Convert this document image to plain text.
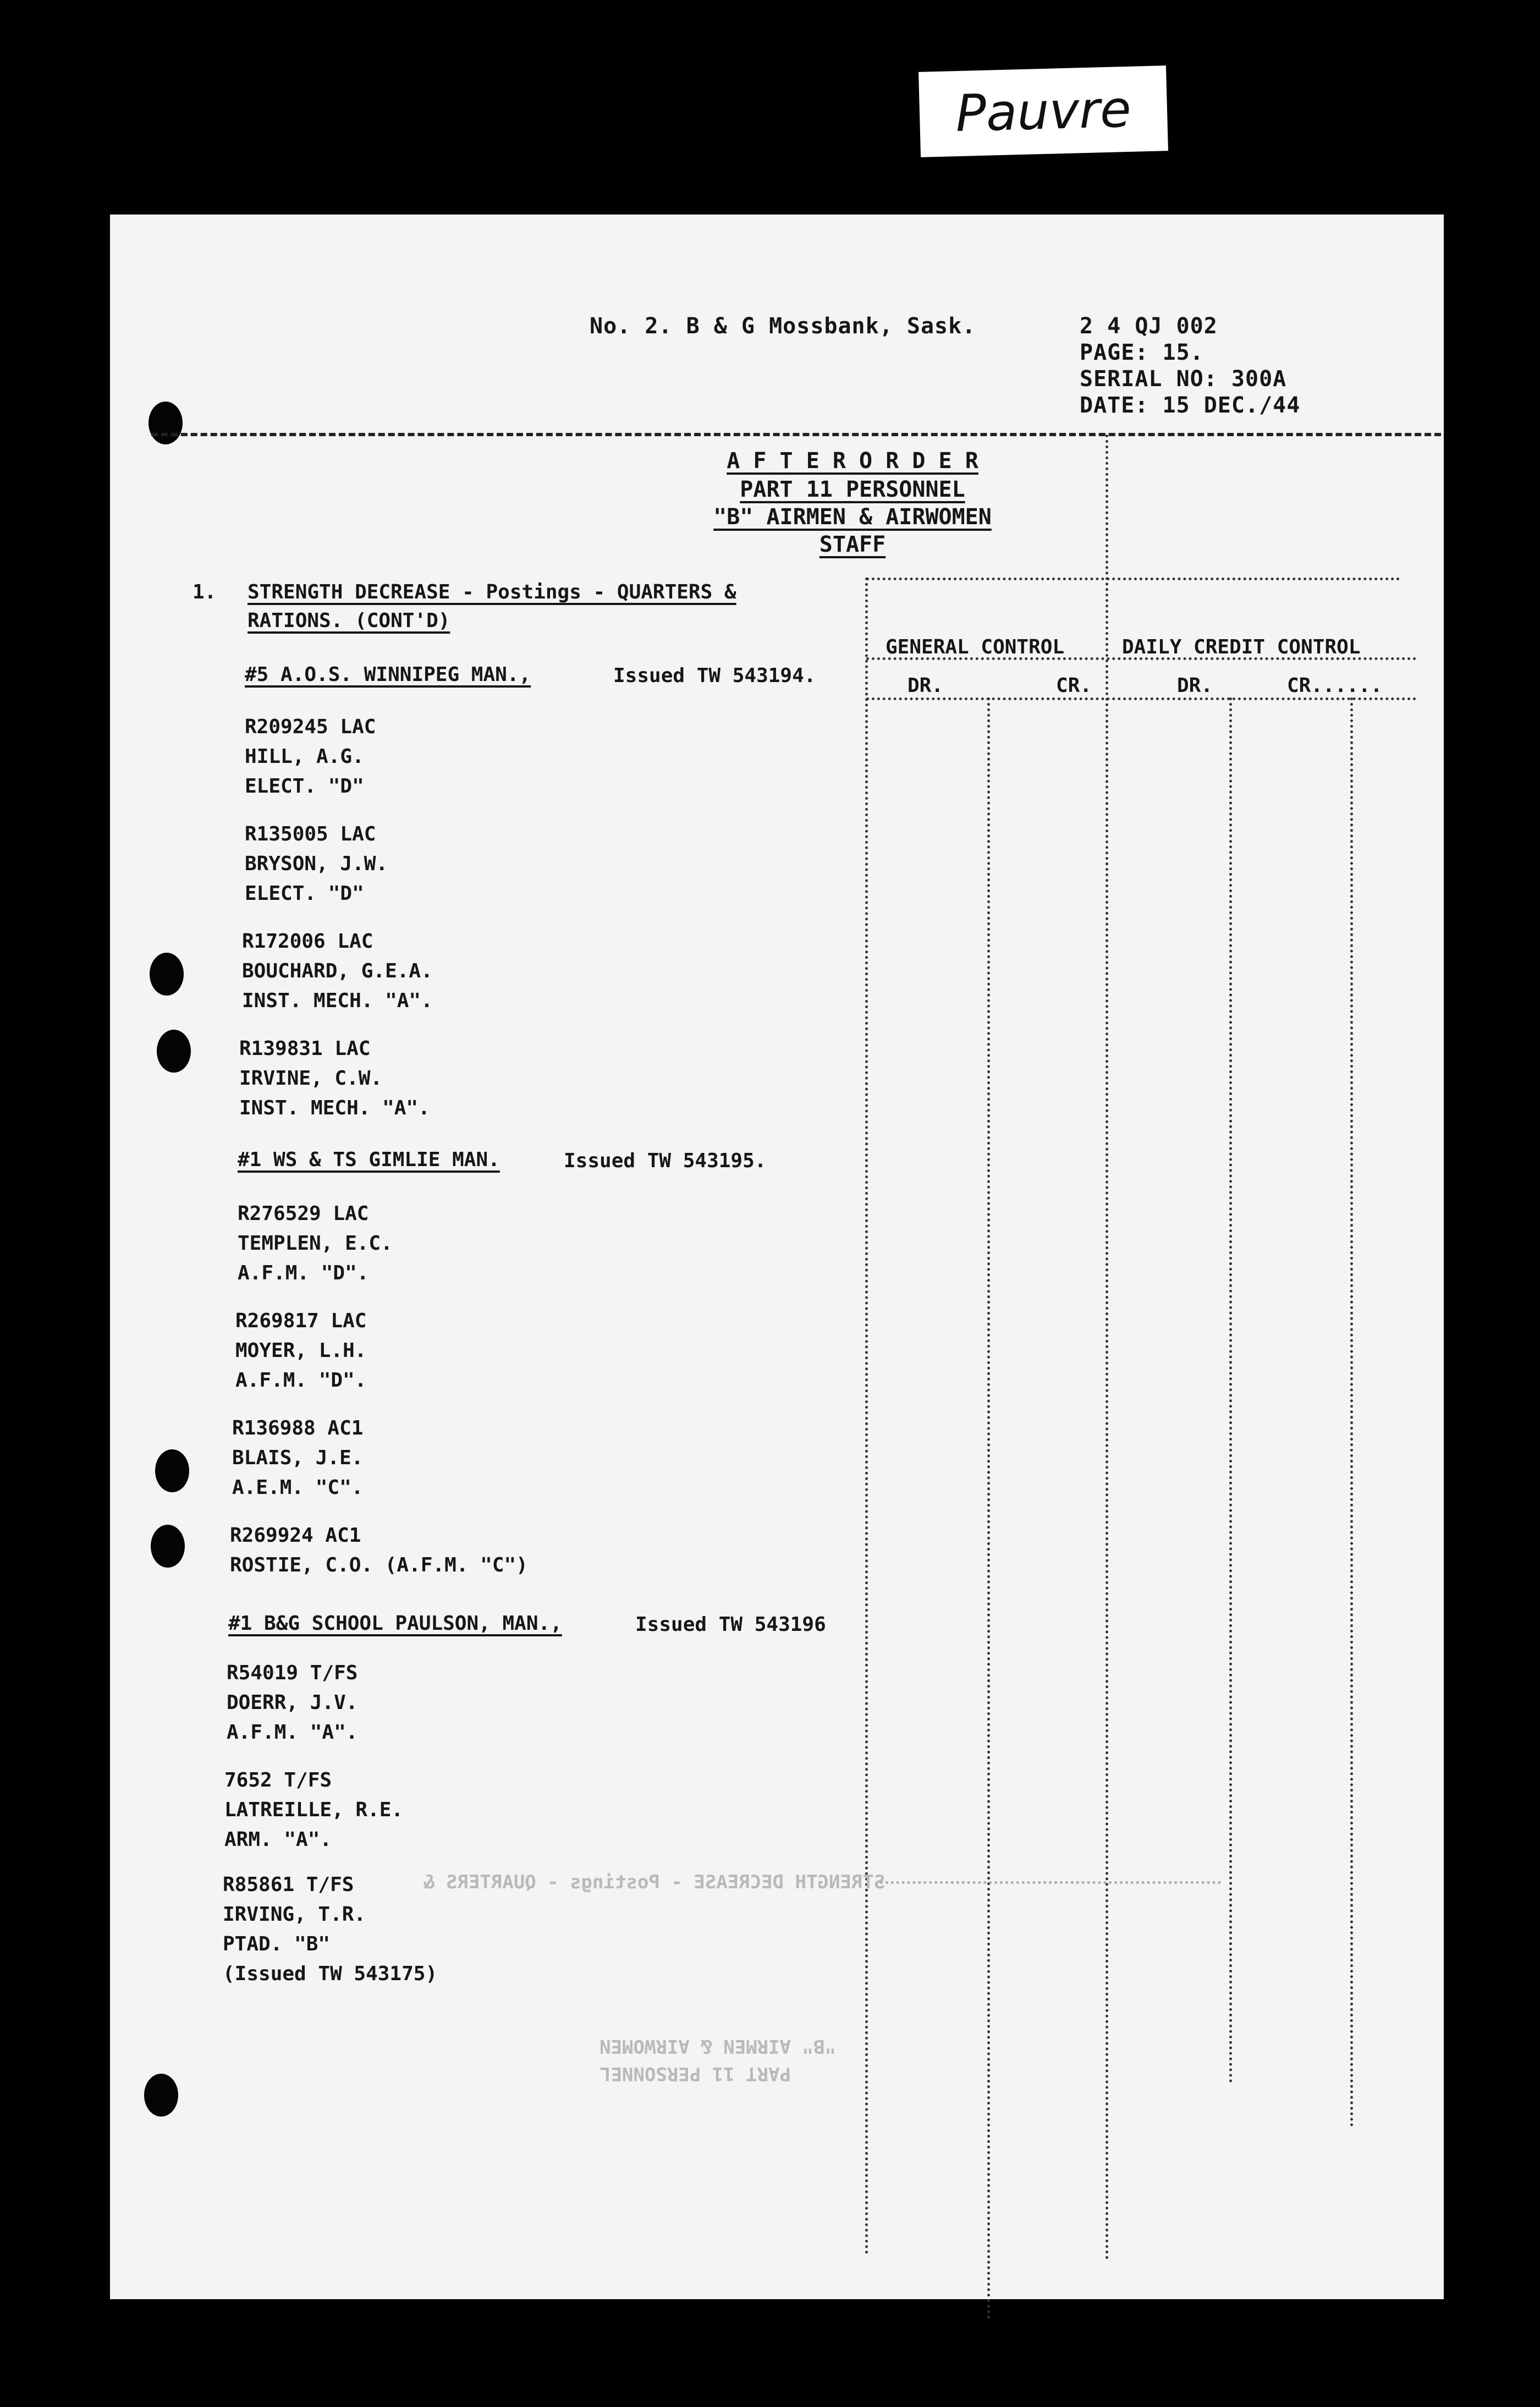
Pauvre
No. 2. B & G Mossbank, Sask.	2 4 QJ 002
PAGE: 15.
SERIAL NO: 300A
DATE: 15 DEC./44
A F T E R O R D E R
PART 11 PERSONNEL
"B" AIRMEN & AIRWOMEN
STAFF
1. STRENGTH DECREASE - Postings - QUARTERS &
RATIONS. (CONT'D)
GENERAL CONTROL	DAILY CREDIT CONTROL
DR.	CR.	DR.	CR......
#5 A.O.S. WINNIPEG MAN.,	Issued TW 543194.
R209245 LAC
HILL, A.G.
ELECT. "D"
R135005 LAC
BRYSON, J.W.
ELECT. "D"
R172006 LAC
BOUCHARD, G.E.A.
INST. MECH. "A".
R139831 LAC
IRVINE, C.W.
INST. MECH. "A".
#1 WS & TS GIMLIE MAN.	Issued TW 543195.
R276529 LAC
TEMPLEN, E.C.
A.F.M. "D".
R269817 LAC
MOYER, L.H.
A.F.M. "D".
R136988 AC1
BLAIS, J.E.
A.E.M. "C".
R269924 AC1
ROSTIE, C.O. (A.F.M. "C")
#1 B&G SCHOOL PAULSON, MAN.,	Issued TW 543196
R54019 T/FS
DOERR, J.V.
A.F.M. "A".
7652 T/FS
LATREILLE, R.E.
ARM. "A".
R85861 T/FS
IRVING, T.R.
PTAD. "B"
(Issued TW 543175)
STRENGTH DECREASE - Postings - QUARTERS &
"B" AIRMEN & AIRWOMEN
PART 11 PERSONNEL
